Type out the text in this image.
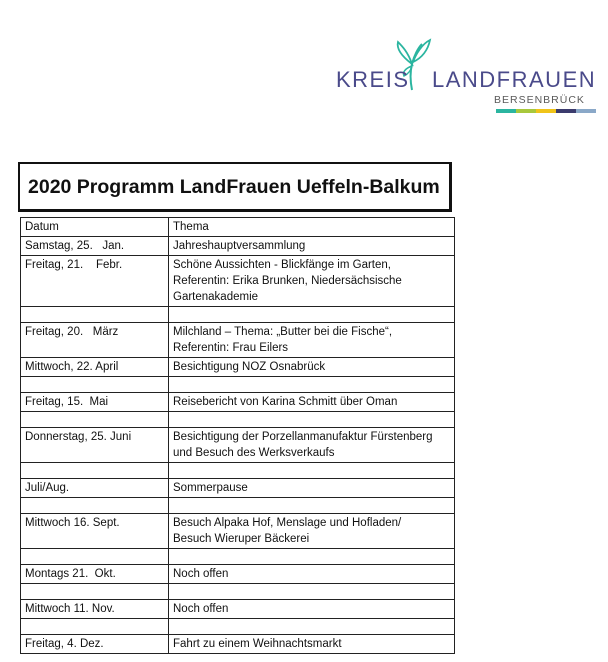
KREIS LANDFRAUEN
BERSENBRÜCK
2020 Programm LandFrauen Ueffeln-Balkum
Datum	Thema
Samstag, 25.   Jan.	Jahreshauptversammlung
Freitag, 21.    Febr.	Schöne Aussichten - Blickfänge im Garten,
Referentin: Erika Brunken, Niedersächsische
Gartenakademie

Freitag, 20.   März	Milchland – Thema: „Butter bei die Fische“,
Referentin: Frau Eilers
Mittwoch, 22. April	Besichtigung NOZ Osnabrück

Freitag, 15.  Mai	Reisebericht von Karina Schmitt über Oman

Donnerstag, 25. Juni	Besichtigung der Porzellanmanufaktur Fürstenberg
und Besuch des Werksverkaufs

Juli/Aug.	Sommerpause

Mittwoch 16. Sept.	Besuch Alpaka Hof, Menslage und Hofladen/
Besuch Wieruper Bäckerei

Montags 21.  Okt.	Noch offen

Mittwoch 11. Nov.	Noch offen

Freitag, 4. Dez.	Fahrt zu einem Weihnachtsmarkt
